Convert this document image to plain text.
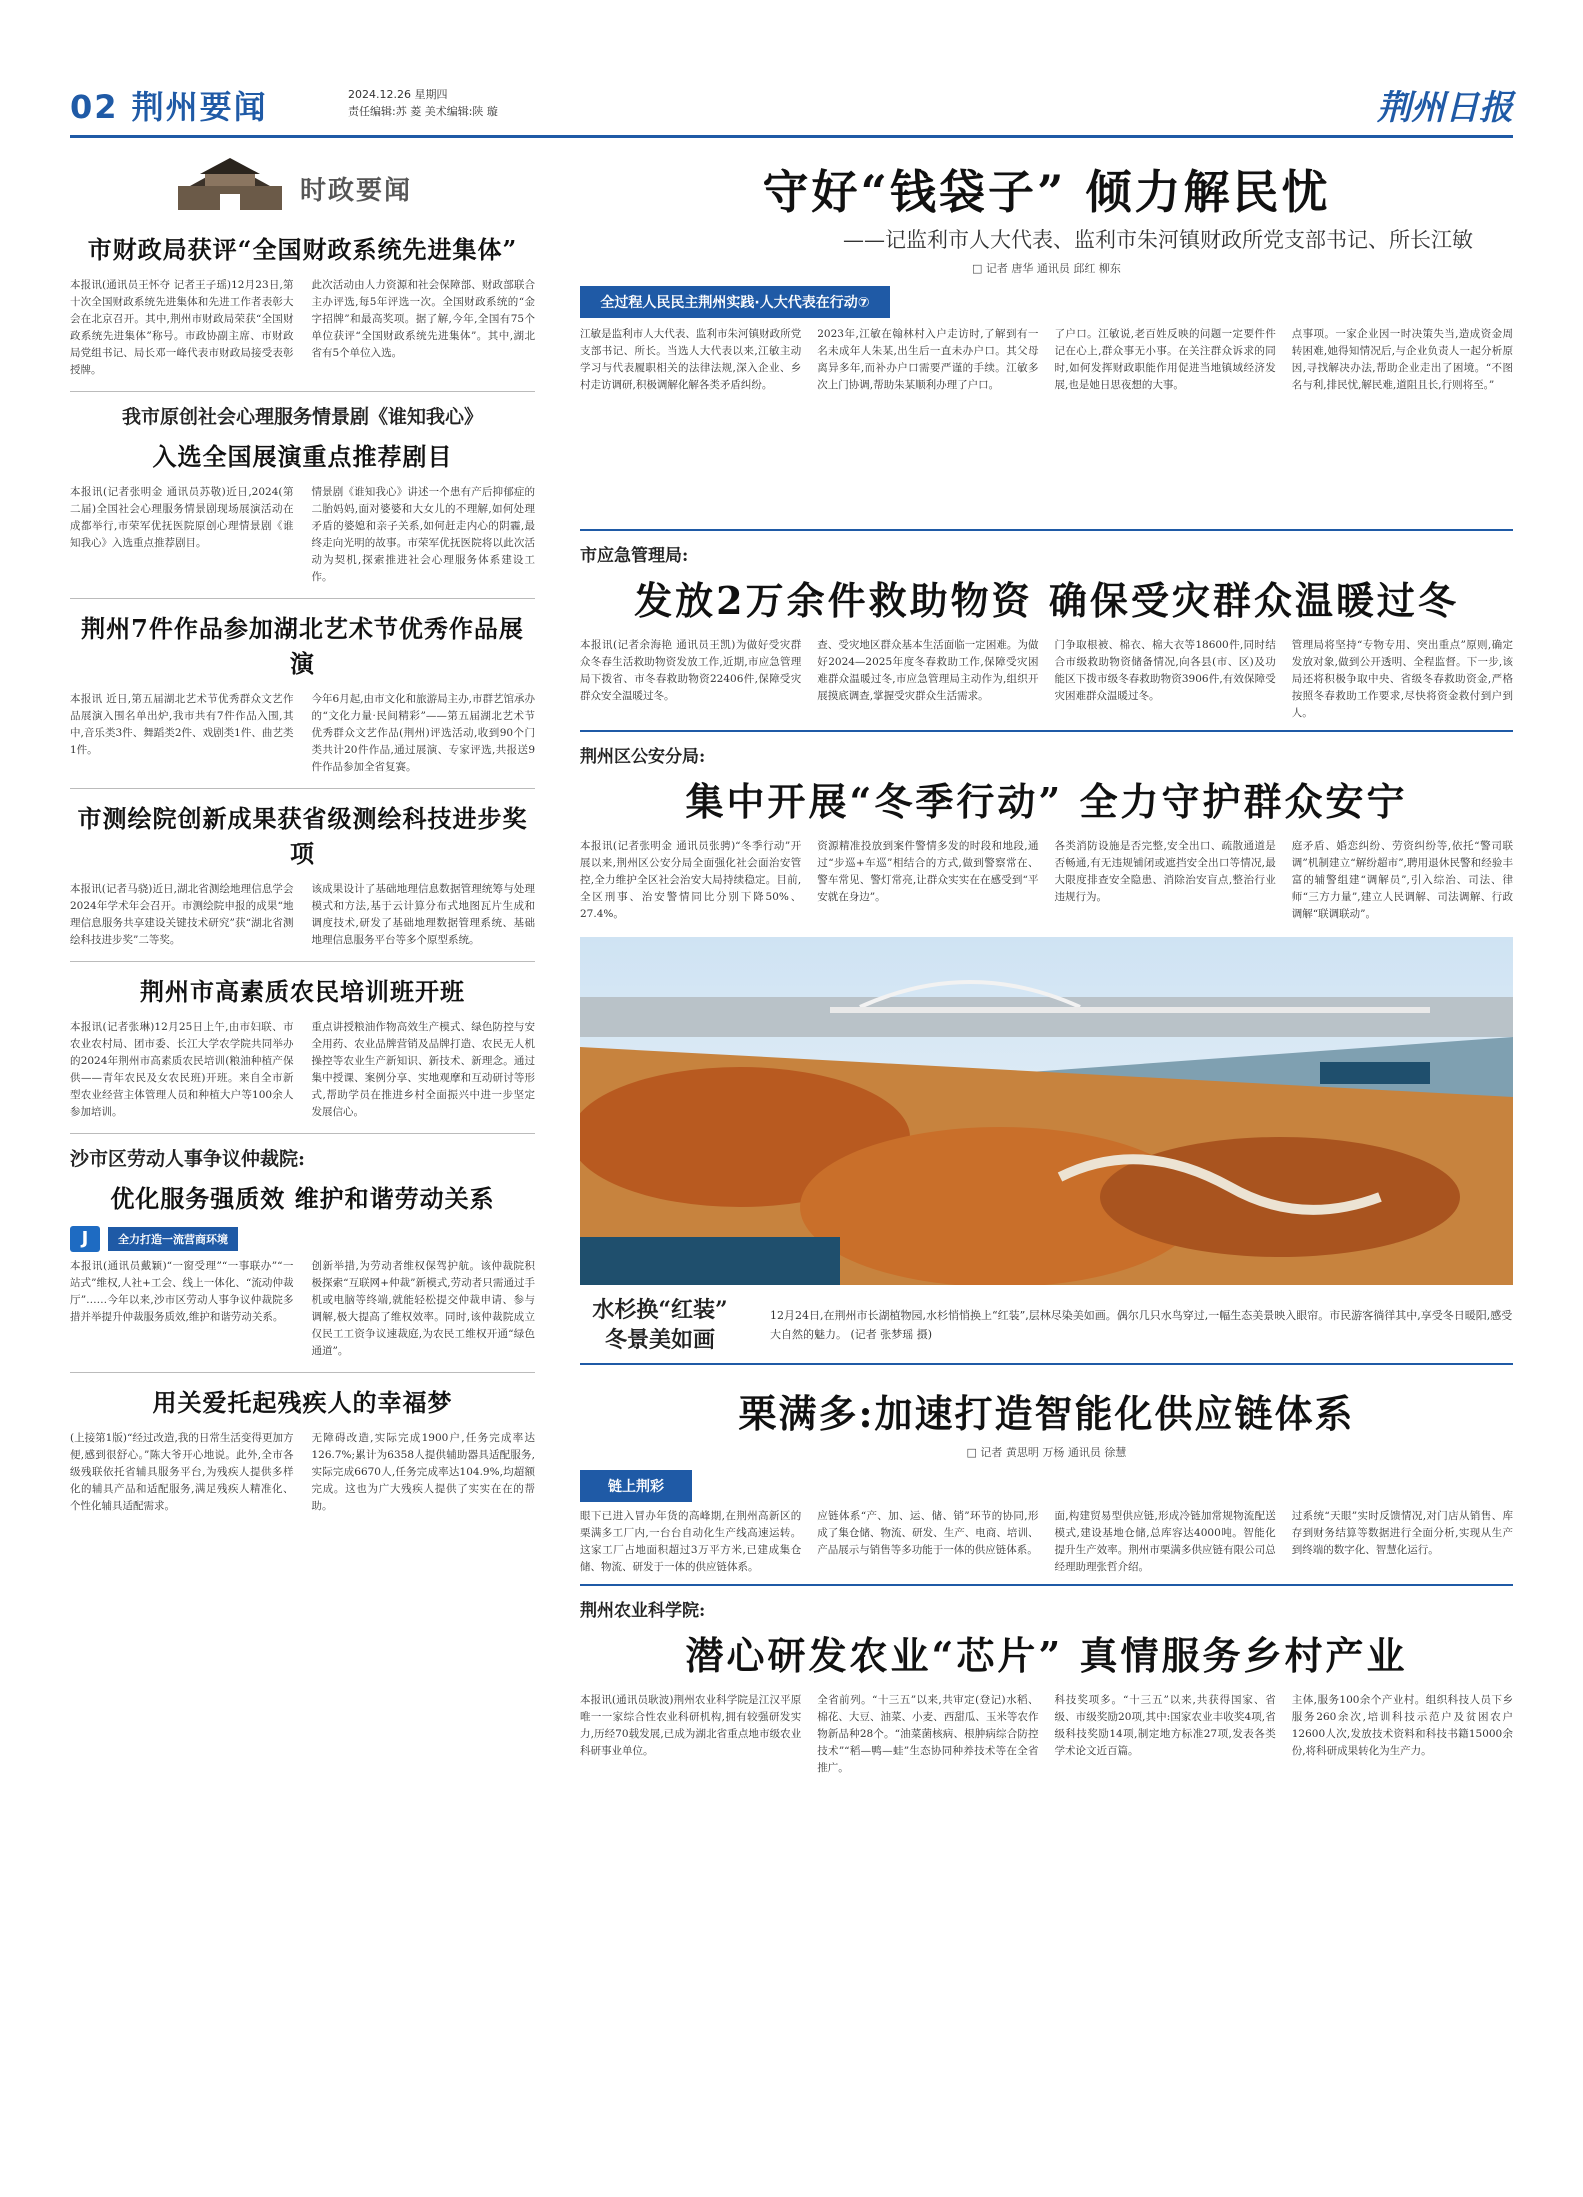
02 荆州要闻	2024.12.26 星期四
责任编辑:苏 菱 美术编辑:陕 璇	荆州日报
时政要闻
市财政局获评“全国财政系统先进集体”

本报讯(通讯员王怀夺 记者王子瑶)12月23日,第十次全国财政系统先进集体和先进工作者表彰大会在北京召开。其中,荆州市财政局荣获“全国财政系统先进集体”称号。市政协副主席、市财政局党组书记、局长邓一峰代表市财政局接受表彰授牌。

此次活动由人力资源和社会保障部、财政部联合主办评选,每5年评选一次。全国财政系统的“金字招牌”和最高奖项。据了解,今年,全国有75个单位获评“全国财政系统先进集体”。其中,湖北省有5个单位入选。

我市原创社会心理服务情景剧《谁知我心》
入选全国展演重点推荐剧目

本报讯(记者张明金 通讯员苏敬)近日,2024(第二届)全国社会心理服务情景剧现场展演活动在成都举行,市荣军优抚医院原创心理情景剧《谁知我心》入选重点推荐剧目。

情景剧《谁知我心》讲述一个患有产后抑郁症的二胎妈妈,面对婆婆和大女儿的不理解,如何处理矛盾的婆媳和亲子关系,如何赶走内心的阴霾,最终走向光明的故事。市荣军优抚医院将以此次活动为契机,探索推进社会心理服务体系建设工作。

荆州7件作品参加湖北艺术节优秀作品展演

本报讯 近日,第五届湖北艺术节优秀群众文艺作品展演入围名单出炉,我市共有7件作品入围,其中,音乐类3件、舞蹈类2件、戏剧类1件、曲艺类1件。

今年6月起,由市文化和旅游局主办,市群艺馆承办的“文化力量·民间精彩”——第五届湖北艺术节优秀群众文艺作品(荆州)评选活动,收到90个门类共计20件作品,通过展演、专家评选,共报送9件作品参加全省复赛。

市测绘院创新成果获省级测绘科技进步奖项

本报讯(记者马骁)近日,湖北省测绘地理信息学会2024年学术年会召开。市测绘院申报的成果“地理信息服务共享建设关键技术研究”获“湖北省测绘科技进步奖”二等奖。

该成果设计了基础地理信息数据管理统筹与处理模式和方法,基于云计算分布式地图瓦片生成和调度技术,研发了基础地理数据管理系统、基础地理信息服务平台等多个原型系统。

荆州市高素质农民培训班开班

本报讯(记者张琳)12月25日上午,由市妇联、市农业农村局、团市委、长江大学农学院共同举办的2024年荆州市高素质农民培训(粮油种植产保供——青年农民及女农民班)开班。来自全市新型农业经营主体管理人员和种植大户等100余人参加培训。

重点讲授粮油作物高效生产模式、绿色防控与安全用药、农业品牌营销及品牌打造、农民无人机操控等农业生产新知识、新技术、新理念。通过集中授课、案例分享、实地观摩和互动研讨等形式,帮助学员在推进乡村全面振兴中进一步坚定发展信心。

沙市区劳动人事争议仲裁院:
优化服务强质效 维护和谐劳动关系
J	全力打造一流营商环境

本报讯(通讯员戴颖)“一窗受理”“一事联办”“一站式”维权,人社+工会、线上一体化、“流动仲裁厅”……今年以来,沙市区劳动人事争议仲裁院多措并举提升仲裁服务质效,维护和谐劳动关系。

创新举措,为劳动者维权保驾护航。该仲裁院积极探索“互联网+仲裁”新模式,劳动者只需通过手机或电脑等终端,就能轻松提交仲裁申请、参与调解,极大提高了维权效率。同时,该仲裁院成立仅民工工资争议速裁庭,为农民工维权开通“绿色通道”。

用关爱托起残疾人的幸福梦

(上接第1版)“经过改造,我的日常生活变得更加方便,感到很舒心。”陈大爷开心地说。此外,全市各级残联依托省辅具服务平台,为残疾人提供多样化的辅具产品和适配服务,满足残疾人精准化、个性化辅具适配需求。

无障碍改造,实际完成1900户,任务完成率达126.7%;累计为6358人提供辅助器具适配服务,实际完成6670人,任务完成率达104.9%,均超额完成。这也为广大残疾人提供了实实在在的帮助。

守好“钱袋子” 倾力解民忧
——记监利市人大代表、监利市朱河镇财政所党支部书记、所长江敏
□ 记者 唐华 通讯员 邱红 柳东
全过程人民民主荆州实践·人大代表在行动⑦

江敏是监利市人大代表、监利市朱河镇财政所党支部书记、所长。当选人大代表以来,江敏主动学习与代表履职相关的法律法规,深入企业、乡村走访调研,积极调解化解各类矛盾纠纷。

2023年,江敏在翰林村入户走访时,了解到有一名未成年人朱某,出生后一直未办户口。其父母离异多年,而补办户口需要严谨的手续。江敏多次上门协调,帮助朱某顺利办理了户口。

了户口。江敏说,老百姓反映的问题一定要件件记在心上,群众事无小事。在关注群众诉求的同时,如何发挥财政职能作用促进当地镇域经济发展,也是她日思夜想的大事。

点事项。一家企业因一时决策失当,造成资金周转困难,她得知情况后,与企业负责人一起分析原因,寻找解决办法,帮助企业走出了困境。“不图名与利,排民忧,解民难,道阻且长,行则将至。”

市应急管理局:
发放2万余件救助物资 确保受灾群众温暖过冬

本报讯(记者余海艳 通讯员王凯)为做好受灾群众冬春生活救助物资发放工作,近期,市应急管理局下拨省、市冬春救助物资22406件,保障受灾群众安全温暖过冬。

查、受灾地区群众基本生活面临一定困难。为做好2024—2025年度冬春救助工作,保障受灾困难群众温暖过冬,市应急管理局主动作为,组织开展摸底调查,掌握受灾群众生活需求。

门争取根被、棉衣、棉大衣等18600件,同时结合市级救助物资储备情况,向各县(市、区)及功能区下拨市级冬春救助物资3906件,有效保障受灾困难群众温暖过冬。

管理局将坚持“专物专用、突出重点”原则,确定发放对象,做到公开透明、全程监督。下一步,该局还将积极争取中央、省级冬春救助资金,严格按照冬春救助工作要求,尽快将资金救付到户到人。

荆州区公安分局:
集中开展“冬季行动” 全力守护群众安宁

本报讯(记者张明金 通讯员张骋)“冬季行动”开展以来,荆州区公安分局全面强化社会面治安管控,全力维护全区社会治安大局持续稳定。目前,全区刑事、治安警情同比分别下降50%、27.4%。

资源精准投放到案件警情多发的时段和地段,通过“步巡+车巡”相结合的方式,做到警察常在、警车常见、警灯常亮,让群众实实在在感受到“平安就在身边”。

各类消防设施是否完整,安全出口、疏散通道是否畅通,有无违规铺闭或遮挡安全出口等情况,最大限度排查安全隐患、消除治安盲点,整治行业违规行为。

庭矛盾、婚恋纠纷、劳资纠纷等,依托“警司联调”机制建立“解纷超市”,聘用退休民警和经验丰富的辅警组建“调解员”,引入综治、司法、律师“三方力量”,建立人民调解、司法调解、行政调解“联调联动”。

水杉换“红装” 冬景美如画
12月24日,在荆州市长湖植物园,水杉悄悄换上“红装”,层林尽染美如画。偶尔几只水鸟穿过,一幅生态美景映入眼帘。市民游客徜徉其中,享受冬日暖阳,感受大自然的魅力。 (记者 张梦瑶 摄)
栗满多:加速打造智能化供应链体系
□ 记者 黄思明 万杨 通讯员 徐慧
链上荆彩

眼下已进入冒办年货的高峰期,在荆州高新区的栗满多工厂内,一台台自动化生产线高速运转。这家工厂占地面积超过3万平方米,已建成集仓储、物流、研发于一体的供应链体系。

应链体系“产、加、运、储、销”环节的协同,形成了集仓储、物流、研发、生产、电商、培训、产品展示与销售等多功能于一体的供应链体系。

面,构建贸易型供应链,形成冷链加常规物流配送模式,建设基地仓储,总库容达4000吨。智能化提升生产效率。荆州市栗满多供应链有限公司总经理助理张哲介绍。

过系统“天眼”实时反馈情况,对门店从销售、库存到财务结算等数据进行全面分析,实现从生产到终端的数字化、智慧化运行。

荆州农业科学院:
潜心研发农业“芯片” 真情服务乡村产业

本报讯(通讯员耿波)荆州农业科学院是江汉平原唯一一家综合性农业科研机构,拥有较强研发实力,历经70载发展,已成为湖北省重点地市级农业科研事业单位。

全省前列。“十三五”以来,共审定(登记)水稻、棉花、大豆、油菜、小麦、西甜瓜、玉米等农作物新品种28个。“油菜菌核病、根肿病综合防控技术”“稻—鸭—蛙”生态协同种养技术等在全省推广。

科技奖项多。“十三五”以来,共获得国家、省级、市级奖励20项,其中:国家农业丰收奖4项,省级科技奖励14项,制定地方标准27项,发表各类学术论文近百篇。

主体,服务100余个产业村。组织科技人员下乡服务260余次,培训科技示范户及贫困农户12600人次,发放技术资料和科技书籍15000余份,将科研成果转化为生产力。
